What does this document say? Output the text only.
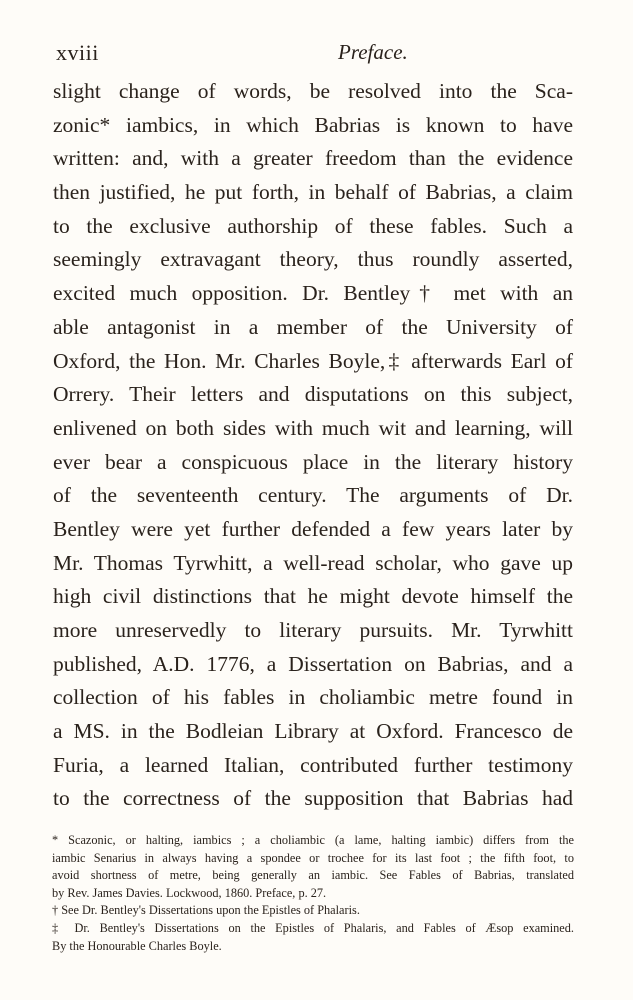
xviii	Preface.
slight change of words, be resolved into the Sca-
zonic* iambics, in which Babrias is known to have
written: and, with a greater freedom than the evidence
then justified, he put forth, in behalf of Babrias, a claim
to the exclusive authorship of these fables. Such a
seemingly extravagant theory, thus roundly asserted,
excited much opposition. Dr. Bentley† met with an
able antagonist in a member of the University of
Oxford, the Hon. Mr. Charles Boyle,‡ afterwards Earl of
Orrery. Their letters and disputations on this subject,
enlivened on both sides with much wit and learning, will
ever bear a conspicuous place in the literary history
of the seventeenth century. The arguments of Dr.
Bentley were yet further defended a few years later by
Mr. Thomas Tyrwhitt, a well-read scholar, who gave up
high civil distinctions that he might devote himself the
more unreservedly to literary pursuits. Mr. Tyrwhitt
published, A.D. 1776, a Dissertation on Babrias, and a
collection of his fables in choliambic metre found in
a MS. in the Bodleian Library at Oxford. Francesco de
Furia, a learned Italian, contributed further testimony
to the correctness of the supposition that Babrias had
* Scazonic, or halting, iambics ; a choliambic (a lame, halting iambic) differs from the
iambic Senarius in always having a spondee or trochee for its last foot ; the fifth foot, to
avoid shortness of metre, being generally an iambic. See Fables of Babrias, translated
by Rev. James Davies. Lockwood, 1860. Preface, p. 27.
† See Dr. Bentley's Dissertations upon the Epistles of Phalaris.
‡ Dr. Bentley's Dissertations on the Epistles of Phalaris, and Fables of Æsop examined.
By the Honourable Charles Boyle.
